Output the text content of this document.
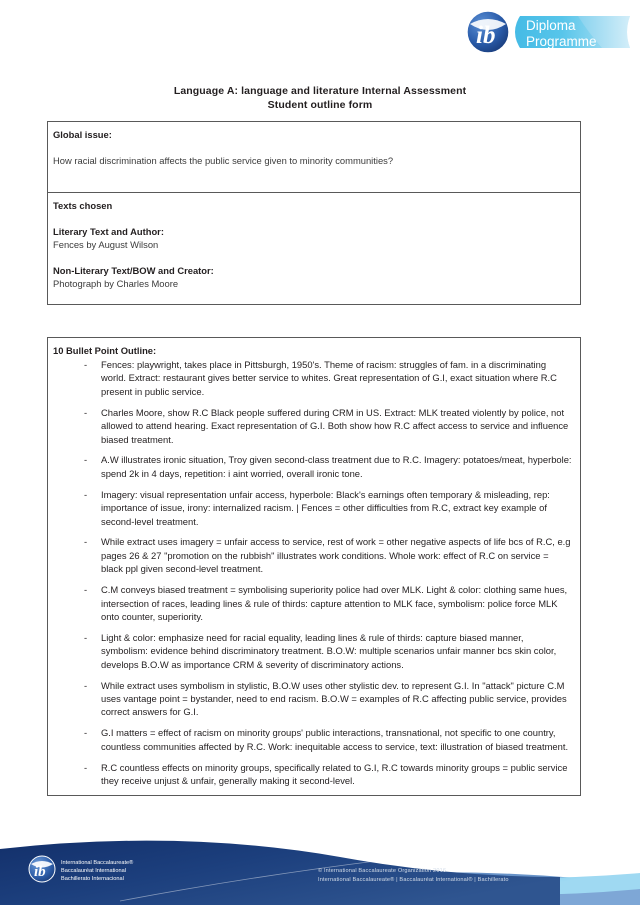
ib Diploma
Programme
Language A: language and literature Internal Assessment
Student outline form

Global issue:

How racial discrimination affects the public service given to minority communities?

Texts chosen

Literary Text and Author:

Fences by August Wilson

Non-Literary Text/BOW and Creator:

Photograph by Charles Moore

10 Bullet Point Outline:

- Fences: playwright, takes place in Pittsburgh, 1950's. Theme of racism: struggles of fam. in a discriminating world. Extract: restaurant gives better service to whites. Great representation of G.I, exact situation where R.C present in public service.
- Charles Moore, show R.C Black people suffered during CRM in US. Extract: MLK treated violently by police, not allowed to attend hearing. Exact representation of G.I. Both show how R.C affect access to service and influence biased treatment.
- A.W illustrates ironic situation, Troy given second-class treatment due to R.C. Imagery: potatoes/meat, hyperbole: spend 2k in 4 days, repetition: i aint worried, overall ironic tone.
- Imagery: visual representation unfair access, hyperbole: Black's earnings often temporary & misleading, rep: importance of issue, irony: internalized racism. | Fences = other difficulties from R.C, extract key example of second-level treatment.
- While extract uses imagery = unfair access to service, rest of work = other negative aspects of life bcs of R.C, e.g pages 26 & 27 "promotion on the rubbish" illustrates work conditions. Whole work: effect of R.C on service = black ppl given second-level treatment.
- C.M conveys biased treatment = symbolising superiority police had over MLK. Light & color: clothing same hues, intersection of races, leading lines & rule of thirds: capture attention to MLK face, symbolism: police force MLK onto counter, superiority.
- Light & color: emphasize need for racial equality, leading lines & rule of thirds: capture biased manner, symbolism: evidence behind discriminatory treatment. B.O.W: multiple scenarios unfair manner bcs skin color, develops B.O.W as importance CRM & severity of discriminatory actions.
- While extract uses symbolism in stylistic, B.O.W uses other stylistic dev. to represent G.I. In "attack" picture C.M uses vantage point = bystander, need to end racism. B.O.W = examples of R.C affecting public service, provides correct answers for G.I.
- G.I matters = effect of racism on minority groups' public interactions, transnational, not specific to one country, countless communities affected by R.C. Work: inequitable access to service, text: illustration of biased treatment.
- R.C countless effects on minority groups, specifically related to G.I, R.C towards minority groups = public service they receive unjust & unfair, generally making it second-level.
ib
International Baccalaureate®
Baccalauréat International
Bachillerato Internacional
© International Baccalaureate Organization 2016
International Baccalaureate® | Baccalauréat International® | Bachillerato
